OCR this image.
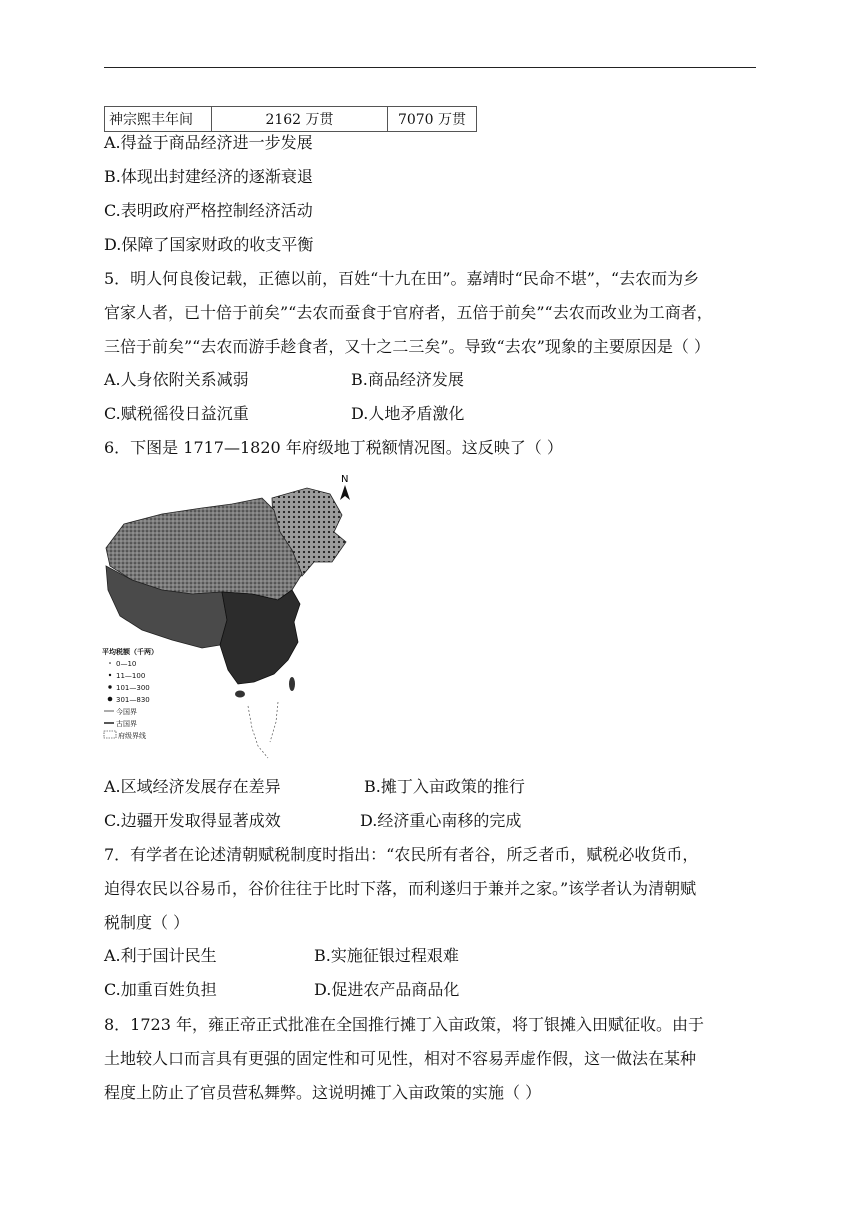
神宗熙丰年间	2162 万贯	7070 万贯
A.得益于商品经济进一步发展
B.体现出封建经济的逐渐衰退
C.表明政府严格控制经济活动
D.保障了国家财政的收支平衡
5．明人何良俊记载，正德以前，百姓“十九在田”。嘉靖时“民命不堪”，“去农而为乡
官家人者，已十倍于前矣”“去农而蚕食于官府者，五倍于前矣”“去农而改业为工商者，
三倍于前矣”“去农而游手趁食者，又十之二三矣”。导致“去农”现象的主要原因是（ ）
A.人身依附关系减弱	B.商品经济发展
C.赋税徭役日益沉重	D.人地矛盾激化
6．下图是 1717—1820 年府级地丁税额情况图。这反映了（ ）
N
平均税额（千两）
0—10
11—100
101—300
301—830
今国界
古国界
府级界线
A.区域经济发展存在差异	B.摊丁入亩政策的推行
C.边疆开发取得显著成效	D.经济重心南移的完成
7．有学者在论述清朝赋税制度时指出：“农民所有者谷，所乏者币，赋税必收货币，
迫得农民以谷易币，谷价往往于比时下落，而利遂归于兼并之家。”该学者认为清朝赋
税制度（ ）
A.利于国计民生	B.实施征银过程艰难
C.加重百姓负担	D.促进农产品商品化
8．1723 年，雍正帝正式批准在全国推行摊丁入亩政策，将丁银摊入田赋征收。由于
土地较人口而言具有更强的固定性和可见性，相对不容易弄虚作假，这一做法在某种
程度上防止了官员营私舞弊。这说明摊丁入亩政策的实施（ ）
